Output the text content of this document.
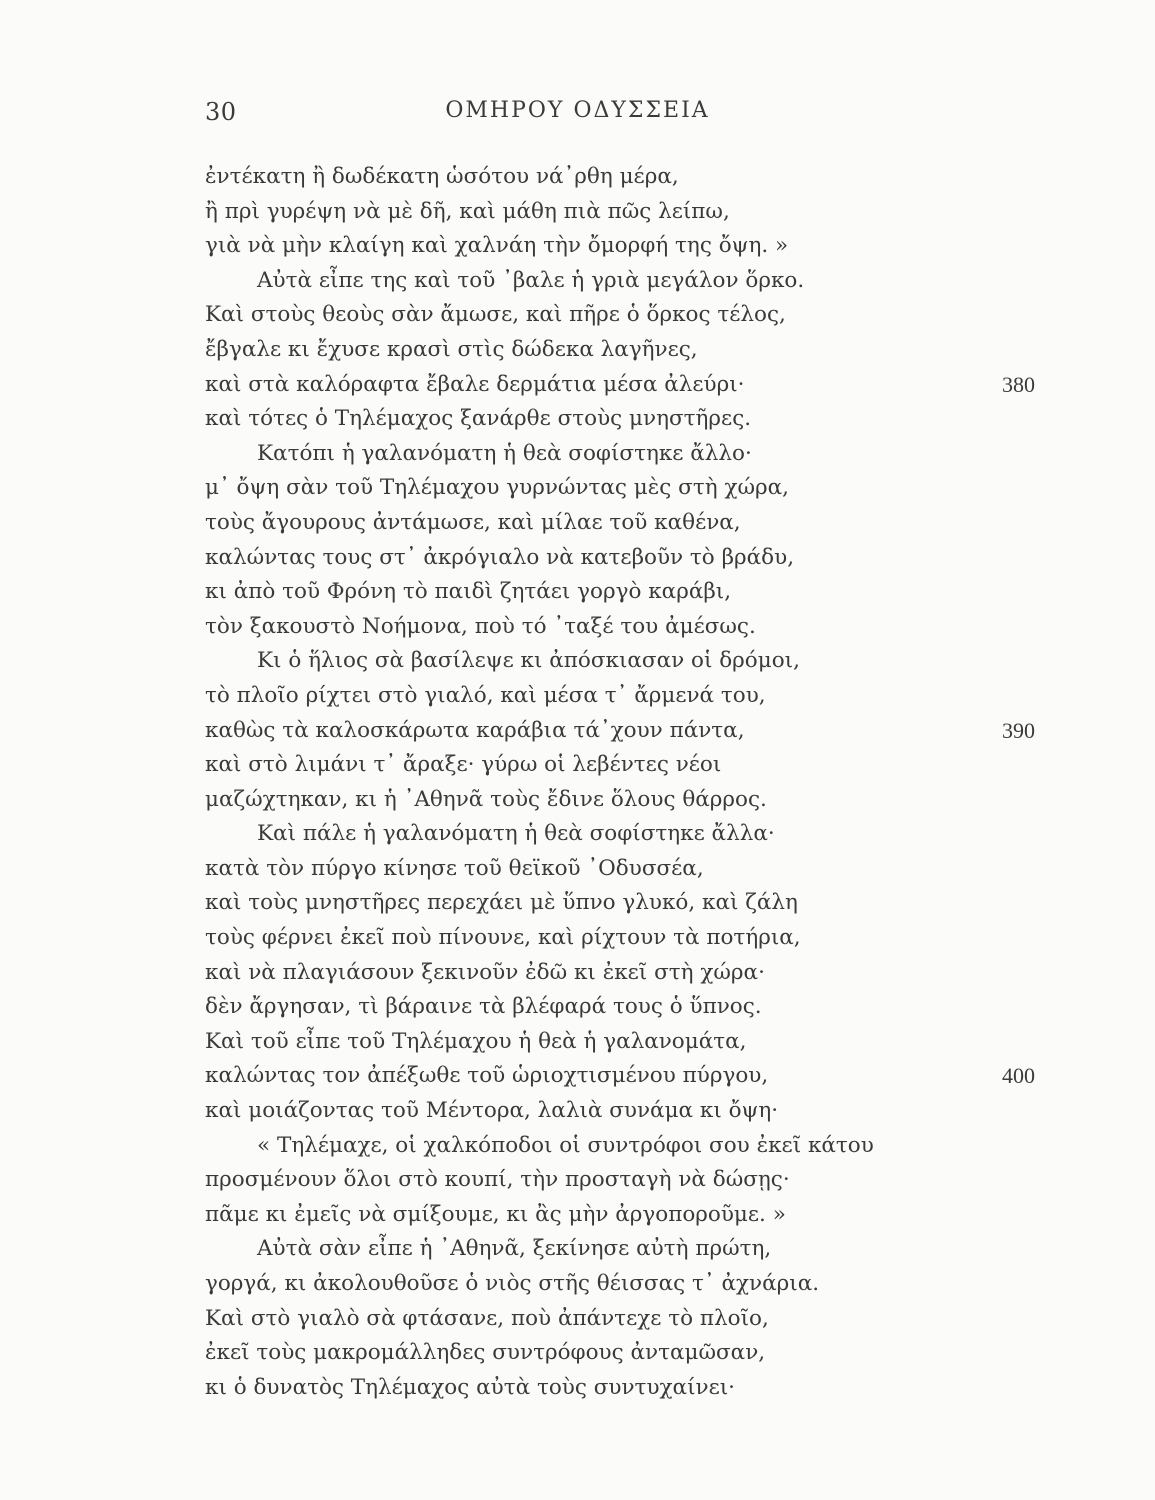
30	ΟΜΗΡΟΥ ΟΔΥΣΣΕΙΑ
ἐντέκατη ἢ δωδέκατη ὡσότου νά᾽ρθη μέρα,
ἢ πρὶ γυρέψη νὰ μὲ δῆ, καὶ μάθη πιὰ πῶς λείπω,
γιὰ νὰ μὴν κλαίγη καὶ χαλνάη τὴν ὄμορφή της ὄψη. »
Αὐτὰ εἶπε της καὶ τοῦ ᾽βαλε ἡ γριὰ μεγάλον ὅρκο.
Καὶ στοὺς θεοὺς σὰν ἄμωσε, καὶ πῆρε ὁ ὅρκος τέλος,
ἔβγαλε κι ἔχυσε κρασὶ στὶς δώδεκα λαγῆνες,
καὶ στὰ καλόραφτα ἔβαλε δερμάτια μέσα ἀλεύρι·	380
καὶ τότες ὁ Τηλέμαχος ξανάρθε στοὺς μνηστῆρες.
Κατόπι ἡ γαλανόματη ἡ θεὰ σοφίστηκε ἄλλο·
μ᾽ ὄψη σὰν τοῦ Τηλέμαχου γυρνώντας μὲς στὴ χώρα,
τοὺς ἄγουρους ἀντάμωσε, καὶ μίλαε τοῦ καθένα,
καλώντας τους στ᾽ ἀκρόγιαλο νὰ κατεβοῦν τὸ βράδυ,
κι ἀπὸ τοῦ Φρόνη τὸ παιδὶ ζητάει γοργὸ καράβι,
τὸν ξακουστὸ Νοήμονα, ποὺ τό ᾽ταξέ του ἀμέσως.
Κι ὁ ἥλιος σὰ βασίλεψε κι ἀπόσκιασαν οἱ δρόμοι,
τὸ πλοῖο ρίχτει στὸ γιαλό, καὶ μέσα τ᾽ ἄρμενά του,
καθὼς τὰ καλοσκάρωτα καράβια τά᾽χουν πάντα,	390
καὶ στὸ λιμάνι τ᾽ ἄραξε· γύρω οἱ λεβέντες νέοι
μαζώχτηκαν, κι ἡ ᾽Αθηνᾶ τοὺς ἔδινε ὅλους θάρρος.
Καὶ πάλε ἡ γαλανόματη ἡ θεὰ σοφίστηκε ἄλλα·
κατὰ τὸν πύργο κίνησε τοῦ θεϊκοῦ ᾽Οδυσσέα,
καὶ τοὺς μνηστῆρες περεχάει μὲ ὕπνο γλυκό, καὶ ζάλη
τοὺς φέρνει ἐκεῖ ποὺ πίνουνε, καὶ ρίχτουν τὰ ποτήρια,
καὶ νὰ πλαγιάσουν ξεκινοῦν ἐδῶ κι ἐκεῖ στὴ χώρα·
δὲν ἄργησαν, τὶ βάραινε τὰ βλέφαρά τους ὁ ὕπνος.
Καὶ τοῦ εἶπε τοῦ Τηλέμαχου ἡ θεὰ ἡ γαλανομάτα,
καλώντας τον ἀπέξωθε τοῦ ὡριοχτισμένου πύργου,	400
καὶ μοιάζοντας τοῦ Μέντορα, λαλιὰ συνάμα κι ὄψη·
« Τηλέμαχε, οἱ χαλκόποδοι οἱ συντρόφοι σου ἐκεῖ κάτου
προσμένουν ὅλοι στὸ κουπί, τὴν προσταγὴ νὰ δώσῃς·
πᾶμε κι ἐμεῖς νὰ σμίξουμε, κι ἂς μὴν ἀργοποροῦμε. »
Αὐτὰ σὰν εἶπε ἡ ᾽Αθηνᾶ, ξεκίνησε αὐτὴ πρώτη,
γοργά, κι ἀκολουθοῦσε ὁ νιὸς στῆς θέισσας τ᾽ ἀχνάρια.
Καὶ στὸ γιαλὸ σὰ φτάσανε, ποὺ ἀπάντεχε τὸ πλοῖο,
ἐκεῖ τοὺς μακρομάλληδες συντρόφους ἀνταμῶσαν,
κι ὁ δυνατὸς Τηλέμαχος αὐτὰ τοὺς συντυχαίνει·
